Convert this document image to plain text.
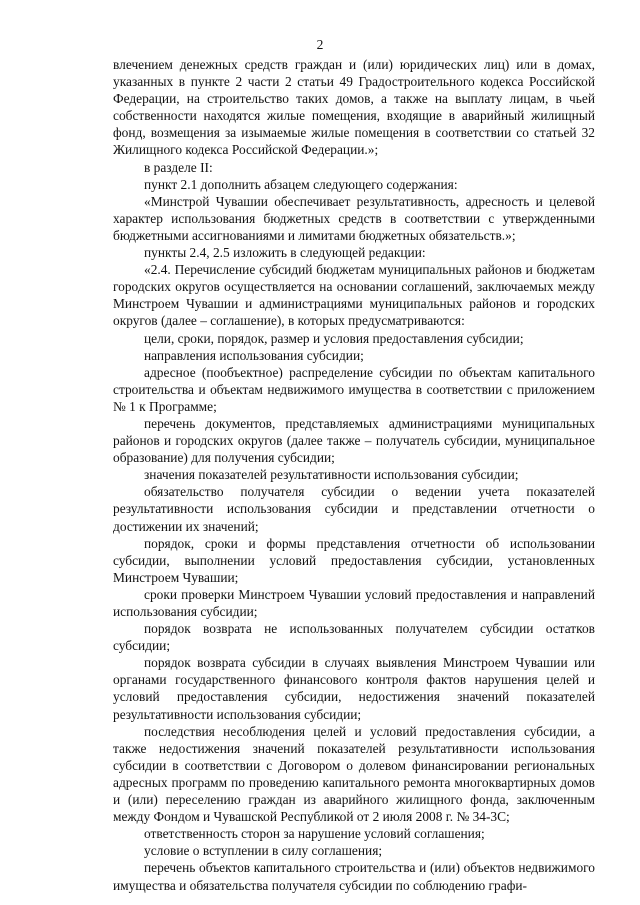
2

влечением денежных средств граждан и (или) юридических лиц) или в домах, указанных в пункте 2 части 2 статьи 49 Градостроительного кодекса Российской Федерации, на строительство таких домов, а также на выплату лицам, в чьей собственности находятся жилые помещения, входящие в аварийный жилищный фонд, возмещения за изымаемые жилые помещения в соответствии со статьей 32 Жилищного кодекса Российской Федерации.»;

в разделе II:

пункт 2.1 дополнить абзацем следующего содержания:

«Минстрой Чувашии обеспечивает результативность, адресность и целевой характер использования бюджетных средств в соответствии с утвержденными бюджетными ассигнованиями и лимитами бюджетных обязательств.»;

пункты 2.4, 2.5 изложить в следующей редакции:

«2.4. Перечисление субсидий бюджетам муниципальных районов и бюджетам городских округов осуществляется на основании соглашений, заключаемых между Минстроем Чувашии и администрациями муниципальных районов и городских округов (далее – соглашение), в которых предусматриваются:

цели, сроки, порядок, размер и условия предоставления субсидии;

направления использования субсидии;

адресное (пообъектное) распределение субсидии по объектам капитального строительства и объектам недвижимого имущества в соответствии с приложением № 1 к Программе;

перечень документов, представляемых администрациями муниципальных районов и городских округов (далее также – получатель субсидии, муниципальное образование) для получения субсидии;

значения показателей результативности использования субсидии;

обязательство получателя субсидии о ведении учета показателей результативности использования субсидии и представлении отчетности о достижении их значений;

порядок, сроки и формы представления отчетности об использовании субсидии, выполнении условий предоставления субсидии, установленных Минстроем Чувашии;

сроки проверки Минстроем Чувашии условий предоставления и направлений использования субсидии;

порядок возврата не использованных получателем субсидии остатков субсидии;

порядок возврата субсидии в случаях выявления Минстроем Чувашии или органами государственного финансового контроля фактов нарушения целей и условий предоставления субсидии, недостижения значений показателей результативности использования субсидии;

последствия несоблюдения целей и условий предоставления субсидии, а также недостижения значений показателей результативности использования субсидии в соответствии с Договором о долевом финансировании региональных адресных программ по проведению капитального ремонта многоквартирных домов и (или) переселению граждан из аварийного жилищного фонда, заключенным между Фондом и Чувашской Республикой от 2 июля 2008 г. № 34-3С;

ответственность сторон за нарушение условий соглашения;

условие о вступлении в силу соглашения;

перечень объектов капитального строительства и (или) объектов недвижимого имущества и обязательства получателя субсидии по соблюдению графи-
